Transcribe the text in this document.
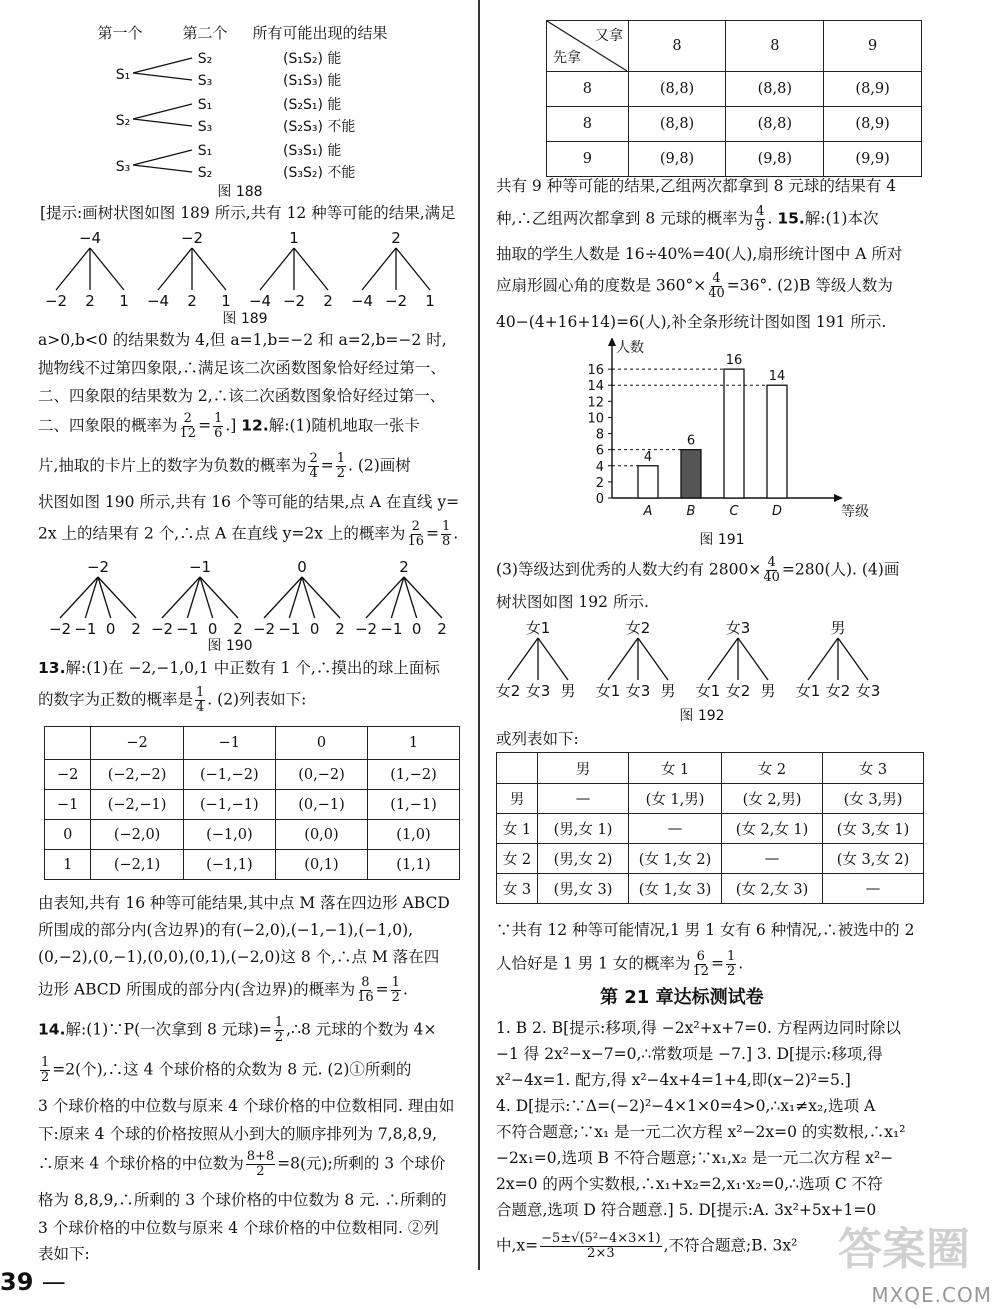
第一个	第二个 所有可能出现的结果
S₁
S₂
S₃
(S₁S₂) 能
(S₁S₃) 能
S₂
S₁
S₃
(S₂S₁) 能
(S₂S₃) 不能
S₃
S₁
S₂
(S₃S₁) 能
(S₃S₂) 不能
图 188
[提示:画树状图如图 189 所示,共有 12 种等可能的结果,满足
−4
−2 2 1
−2
−4 2 1
1
−4 −2 2
2
−4 −2 1
图 189
a>0,b<0 的结果数为 4,但 a=1,b=−2 和 a=2,b=−2 时,
抛物线不过第四象限,∴满足该二次函数图象恰好经过第一、
二、四象限的结果数为 2,∴该二次函数图象恰好经过第一、
二、四象限的概率为 $\frac{2}{12} = \frac{1}{6}$ .] 12.解:(1)随机地取一张卡
片,抽取的卡片上的数字为负数的概率为 $\frac{2}{4} = \frac{1}{2}$ . (2)画树
状图如图 190 所示,共有 16 个等可能的结果,点 A 在直线 y=
2x 上的结果有 2 个,∴点 A 在直线 y=2x 上的概率为 $\frac{2}{16} = \frac{1}{8}$ .
−2
−2 −1 0 2
−1
−2 −1 0 2
0
−2 −1 0 2
2
−2 −1 0 2
图 190
13.解:(1)在 −2,−1,0,1 中正数有 1 个,∴摸出的球上面标
的数字为正数的概率是 $\frac{1}{4}$ . (2)列表如下:
	−2	−1	0	1
−2	(−2,−2)	(−1,−2)	(0,−2)	(1,−2)
−1	(−2,−1)	(−1,−1)	(0,−1)	(1,−1)
0	(−2,0)	(−1,0)	(0,0)	(1,0)
1	(−2,1)	(−1,1)	(0,1)	(1,1)
由表知,共有 16 种等可能结果,其中点 M 落在四边形 ABCD
所围成的部分内(含边界)的有(−2,0),(−1,−1),(−1,0),
(0,−2),(0,−1),(0,0),(0,1),(−2,0)这 8 个,∴点 M 落在四
边形 ABCD 所围成的部分内(含边界)的概率为 $\frac{8}{16} = \frac{1}{2}$ .
14.解:(1)∵P(一次拿到 8 元球)= $\frac{1}{2}$ ,∴8 元球的个数为 4×
$\frac{1}{2} =2$(个),∴这 4 个球价格的众数为 8 元. (2)①所剩的
3 个球价格的中位数与原来 4 个球价格的中位数相同. 理由如
下:原来 4 个球的价格按照从小到大的顺序排列为 7,8,8,9,
∴原来 4 个球价格的中位数为 $\frac{8+8}{2} =8$(元);所剩的 3 个球价
格为 8,8,9,∴所剩的 3 个球价格的中位数为 8 元. ∴所剩的
3 个球价格的中位数与原来 4 个球价格的中位数相同. ②列
表如下:
39 —
又拿
先拿	8	8	9
8	(8,8)	(8,8)	(8,9)
8	(8,8)	(8,8)	(8,9)
9	(9,8)	(9,8)	(9,9)
共有 9 种等可能的结果,乙组两次都拿到 8 元球的结果有 4
种,∴乙组两次都拿到 8 元球的概率为 $\frac{4}{9}$ . 15.解:(1)本次
抽取的学生人数是 16÷40%=40(人),扇形统计图中 A 所对
应扇形圆心角的度数是 $360^\circ\times \frac{4}{40} =36^\circ$. (2)B 等级人数为
40−(4+16+14)=6(人),补全条形统计图如图 191 所示.
0
2
4
6
8
10
12
14
16
人数
等级
4
A
6
B
16
C
14
D
图 191
(3)等级达到优秀的人数大约有 $2800\times \frac{4}{40} =280$(人). (4)画
树状图如图 192 所示.
女1
女2 女3 男
女2
女1 女3 男
女3
女1 女2 男
男
女1 女2 女3
图 192
或列表如下:
	男	女 1	女 2	女 3
男	—	(女 1,男)	(女 2,男)	(女 3,男)
女 1	(男,女 1)	—	(女 2,女 1)	(女 3,女 1)
女 2	(男,女 2)	(女 1,女 2)	—	(女 3,女 2)
女 3	(男,女 3)	(女 1,女 3)	(女 2,女 3)	—
∵共有 12 种等可能情况,1 男 1 女有 6 种情况,∴被选中的 2
人恰好是 1 男 1 女的概率为 $\frac{6}{12} = \frac{1}{2}$ .
第 21 章达标测试卷
1. B 2. B[提示:移项,得 −2x²+x+7=0. 方程两边同时除以
−1 得 2x²−x−7=0,∴常数项是 −7.] 3. D[提示:移项,得
x²−4x=1. 配方,得 x²−4x+4=1+4,即(x−2)²=5.]
4. D[提示:∵Δ=(−2)²−4×1×0=4>0,∴x₁≠x₂,选项 A
不符合题意;∵x₁ 是一元二次方程 x²−2x=0 的实数根,∴x₁²
−2x₁=0,选项 B 不符合题意;∵x₁,x₂ 是一元二次方程 x²−
2x=0 的两个实数根,∴x₁+x₂=2,x₁·x₂=0,∴选项 C 不符
合题意,选项 D 符合题意.] 5. D[提示:A. 3x²+5x+1=0
中$,x= \frac{\text{−5±√(5²−4×3×1)}}{2\times 3}$ ,不符合题意;B. 3x² 答案圈
MXQE.COM
